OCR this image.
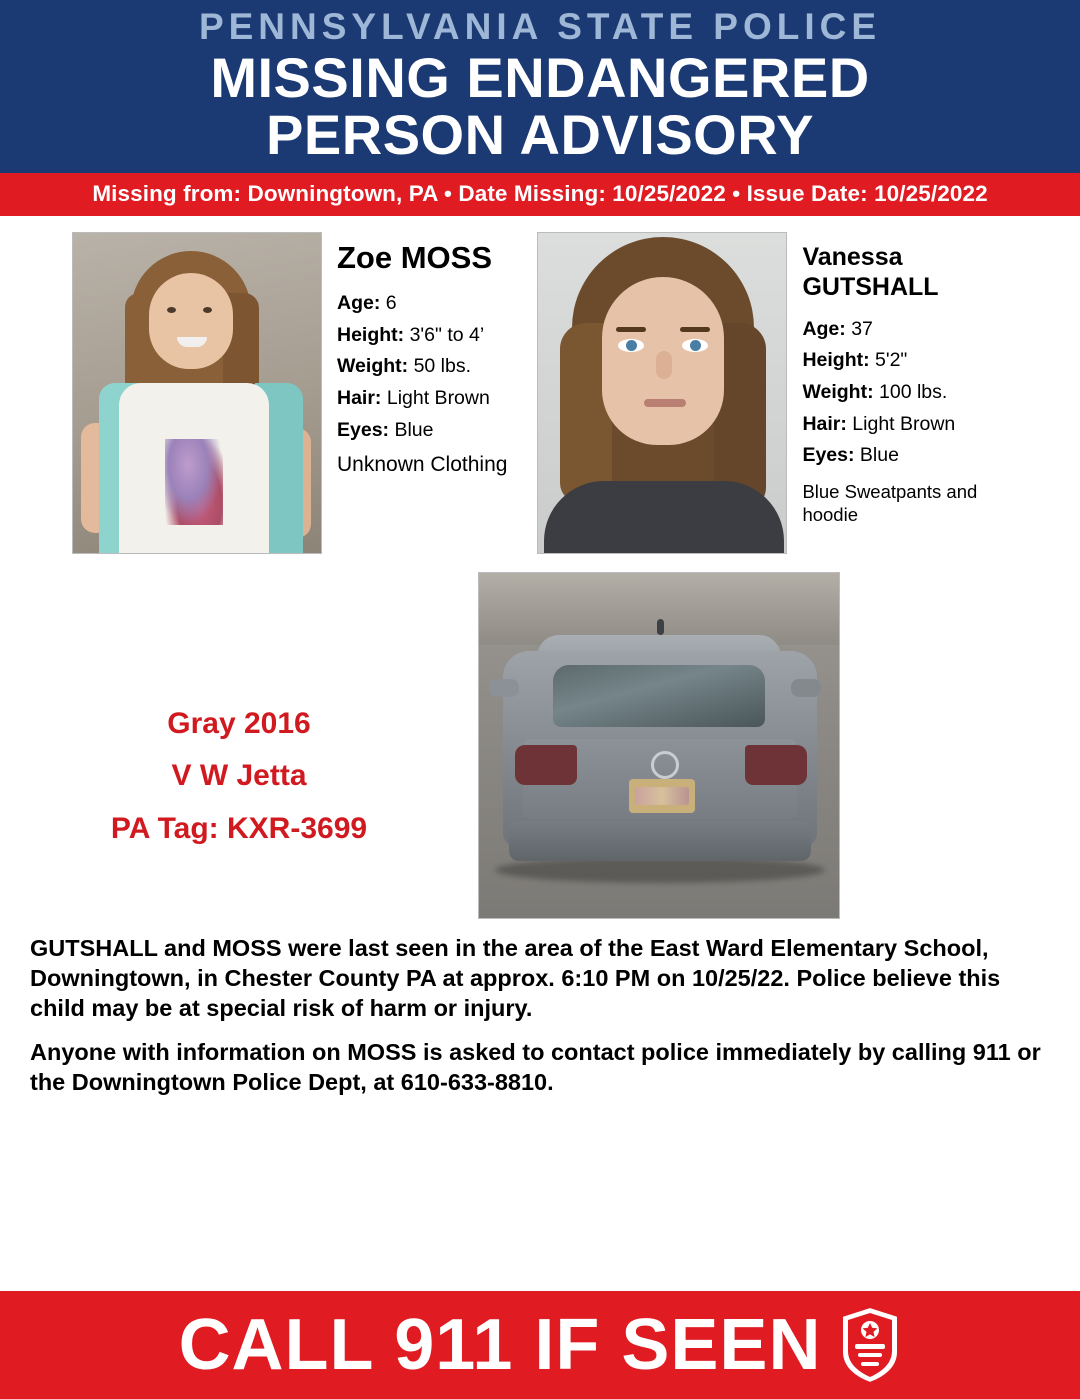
PENNSYLVANIA STATE POLICE
MISSING ENDANGERED
PERSON ADVISORY
Missing from: Downingtown, PA • Date Missing: 10/25/2022 • Issue Date: 10/25/2022
Zoe MOSS
Age: 6
Height: 3'6" to 4’
Weight: 50 lbs.
Hair: Light Brown
Eyes: Blue
Unknown Clothing
Vanessa GUTSHALL
Age: 37
Height: 5'2"
Weight: 100 lbs.
Hair: Light Brown
Eyes: Blue
Blue Sweatpants and hoodie
Gray 2016
V W Jetta
PA Tag: KXR-3699

GUTSHALL and MOSS were last seen in the area of the East Ward Elementary School, Downingtown, in Chester County PA at approx. 6:10 PM on 10/25/22. Police believe this child may be at special risk of harm or injury.

Anyone with information on MOSS is asked to contact police immediately by calling 911 or the Downingtown Police Dept, at 610-633-8810.

CALL 911 IF SEEN
